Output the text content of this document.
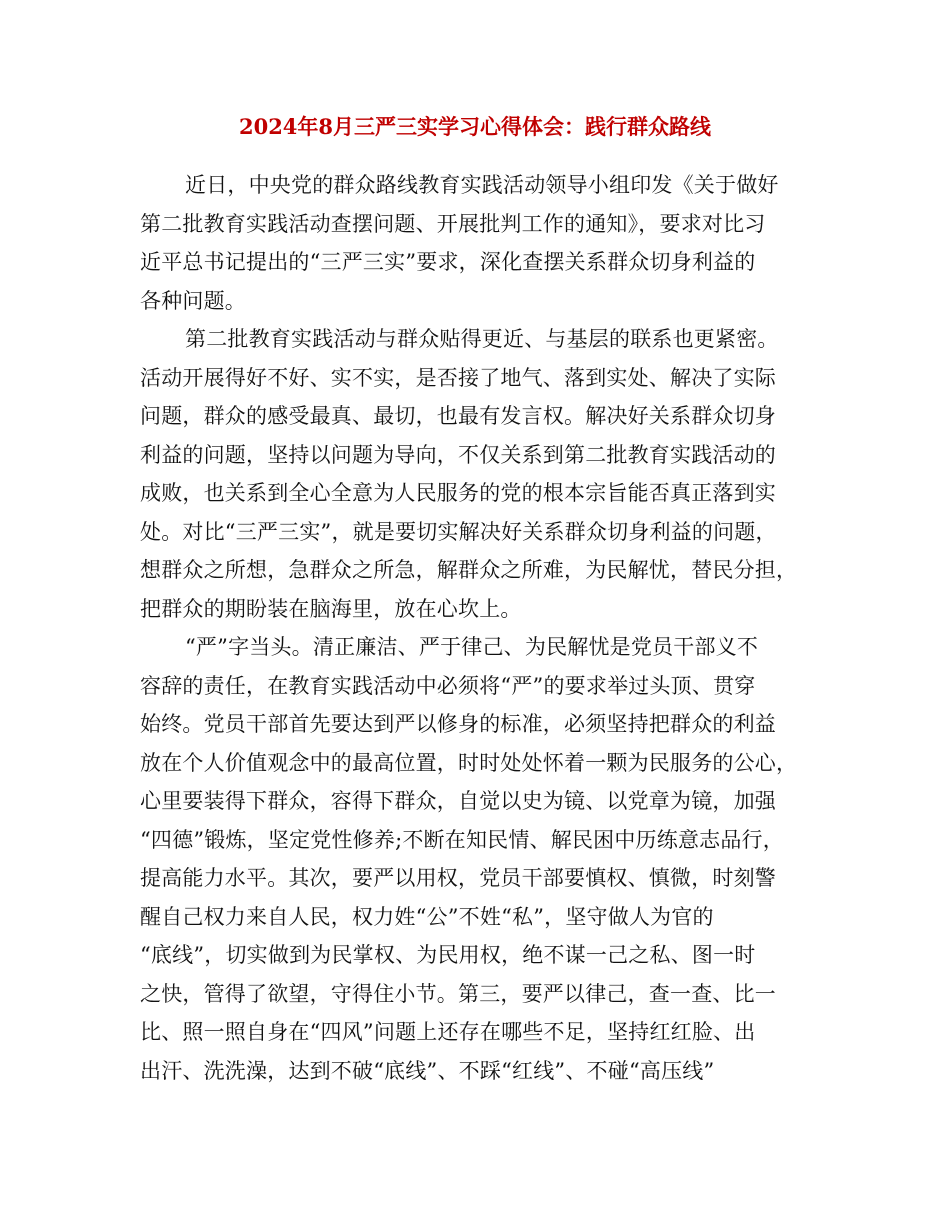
2024年8月三严三实学习心得体会：践行群众路线

近日，中央党的群众路线教育实践活动领导小组印发《关于做好
第二批教育实践活动查摆问题、开展批判工作的通知》，要求对比习
近平总书记提出的“三严三实”要求，深化查摆关系群众切身利益的
各种问题。

第二批教育实践活动与群众贴得更近、与基层的联系也更紧密。
活动开展得好不好、实不实，是否接了地气、落到实处、解决了实际
问题，群众的感受最真、最切，也最有发言权。解决好关系群众切身
利益的问题，坚持以问题为导向，不仅关系到第二批教育实践活动的
成败，也关系到全心全意为人民服务的党的根本宗旨能否真正落到实
处。对比“三严三实”，就是要切实解决好关系群众切身利益的问题，
想群众之所想，急群众之所急，解群众之所难，为民解忧，替民分担，
把群众的期盼装在脑海里，放在心坎上。

“严”字当头。清正廉洁、严于律己、为民解忧是党员干部义不
容辞的责任，在教育实践活动中必须将“严”的要求举过头顶、贯穿
始终。党员干部首先要达到严以修身的标准，必须坚持把群众的利益
放在个人价值观念中的最高位置，时时处处怀着一颗为民服务的公心，
心里要装得下群众，容得下群众，自觉以史为镜、以党章为镜，加强
“四德”锻炼，坚定党性修养;不断在知民情、解民困中历练意志品行，
提高能力水平。其次，要严以用权，党员干部要慎权、慎微，时刻警
醒自己权力来自人民，权力姓“公”不姓“私”，坚守做人为官的
“底线”，切实做到为民掌权、为民用权，绝不谋一己之私、图一时
之快，管得了欲望，守得住小节。第三，要严以律己，查一查、比一
比、照一照自身在“四风”问题上还存在哪些不足，坚持红红脸、出
出汗、洗洗澡，达到不破“底线”、不踩“红线”、不碰“高压线”
